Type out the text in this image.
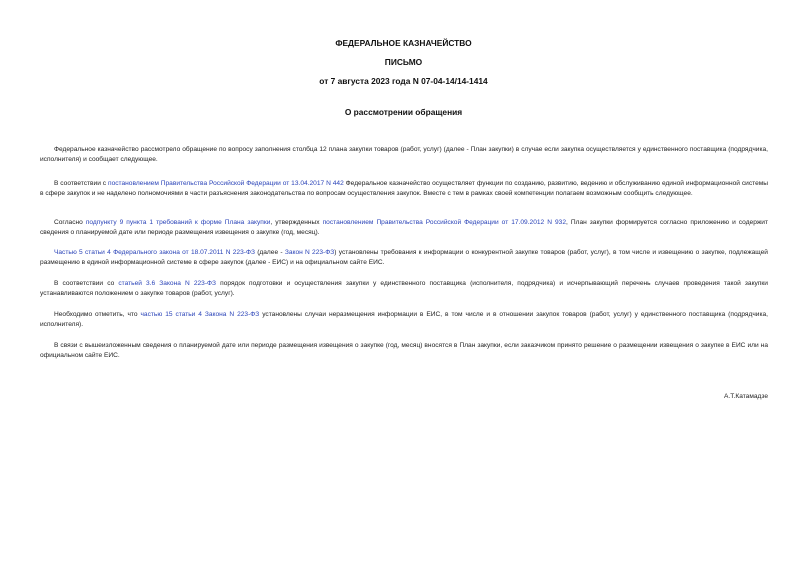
ФЕДЕРАЛЬНОЕ КАЗНАЧЕЙСТВО
ПИСЬМО
от 7 августа 2023 года N 07-04-14/14-1414
О рассмотрении обращения
Федеральное казначейство рассмотрело обращение по вопросу заполнения столбца 12 плана закупки товаров (работ, услуг) (далее - План закупки) в случае если закупка осуществляется у единственного поставщика (подрядчика, исполнителя) и сообщает следующее.
В соответствии с постановлением Правительства Российской Федерации от 13.04.2017 N 442 Федеральное казначейство осуществляет функции по созданию, развитию, ведению и обслуживанию единой информационной системы в сфере закупок и не наделено полномочиями в части разъяснения законодательства по вопросам осуществления закупок. Вместе с тем в рамках своей компетенции полагаем возможным сообщить следующее.
Согласно подпункту 9 пункта 1 требований к форме Плана закупки, утвержденных постановлением Правительства Российской Федерации от 17.09.2012 N 932, План закупки формируется согласно приложению и содержит сведения о планируемой дате или периоде размещения извещения о закупке (год, месяц).
Частью 5 статьи 4 Федерального закона от 18.07.2011 N 223-ФЗ (далее - Закон N 223-ФЗ) установлены требования к информации о конкурентной закупке товаров (работ, услуг), в том числе и извещению о закупке, подлежащей размещению в единой информационной системе в сфере закупок (далее - ЕИС) и на официальном сайте ЕИС.
В соответствии со статьей 3.6 Закона N 223-ФЗ порядок подготовки и осуществления закупки у единственного поставщика (исполнителя, подрядчика) и исчерпывающий перечень случаев проведения такой закупки устанавливаются положением о закупке товаров (работ, услуг).
Необходимо отметить, что частью 15 статьи 4 Закона N 223-ФЗ установлены случаи неразмещения информации в ЕИС, в том числе и в отношении закупок товаров (работ, услуг) у единственного поставщика (подрядчика, исполнителя).
В связи с вышеизложенным сведения о планируемой дате или периоде размещения извещения о закупке (год, месяц) вносятся в План закупки, если заказчиком принято решение о размещении извещения о закупке в ЕИС или на официальном сайте ЕИС.
А.Т.Катамадзе
